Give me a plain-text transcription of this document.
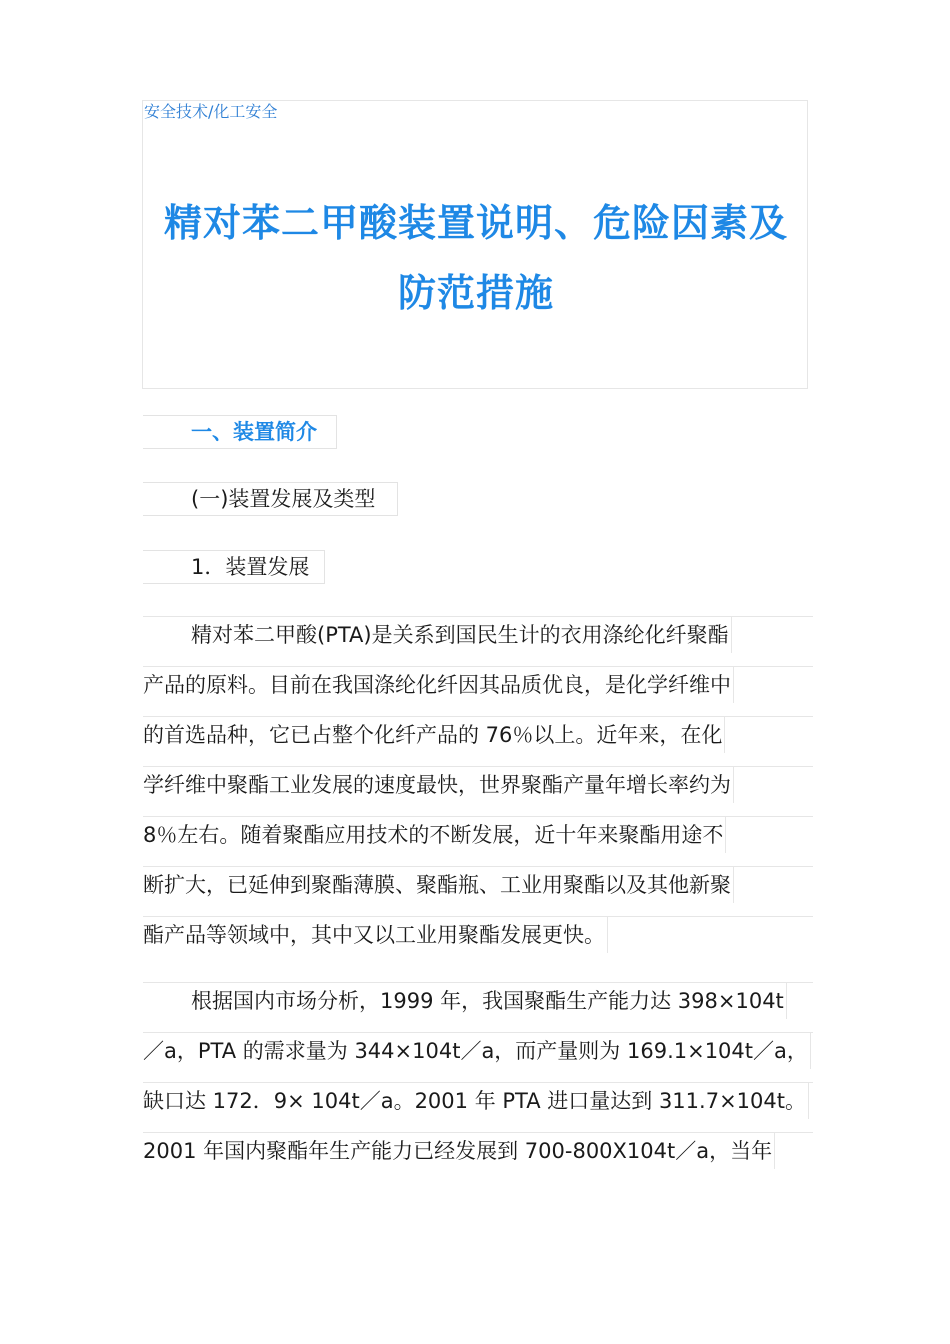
安全技术/化工安全
精对苯二甲酸装置说明、危险因素及
防范措施
一、装置简介
(一)装置发展及类型
1．装置发展
精对苯二甲酸(PTA)是关系到国民生计的衣用涤纶化纤聚酯
产品的原料。目前在我国涤纶化纤因其品质优良，是化学纤维中
的首选品种，它已占整个化纤产品的 76％以上。近年来，在化
学纤维中聚酯工业发展的速度最快，世界聚酯产量年增长率约为
8％左右。随着聚酯应用技术的不断发展，近十年来聚酯用途不
断扩大，已延伸到聚酯薄膜、聚酯瓶、工业用聚酯以及其他新聚
酯产品等领域中，其中又以工业用聚酯发展更快。
根据国内市场分析，1999 年，我国聚酯生产能力达 398×104t
／a，PTA 的需求量为 344×104t／a，而产量则为 169.1×104t／a，
缺口达 172．9× 104t／a。2001 年 PTA 进口量达到 311.7×104t。
2001 年国内聚酯年生产能力已经发展到 700-800X104t／a，当年
